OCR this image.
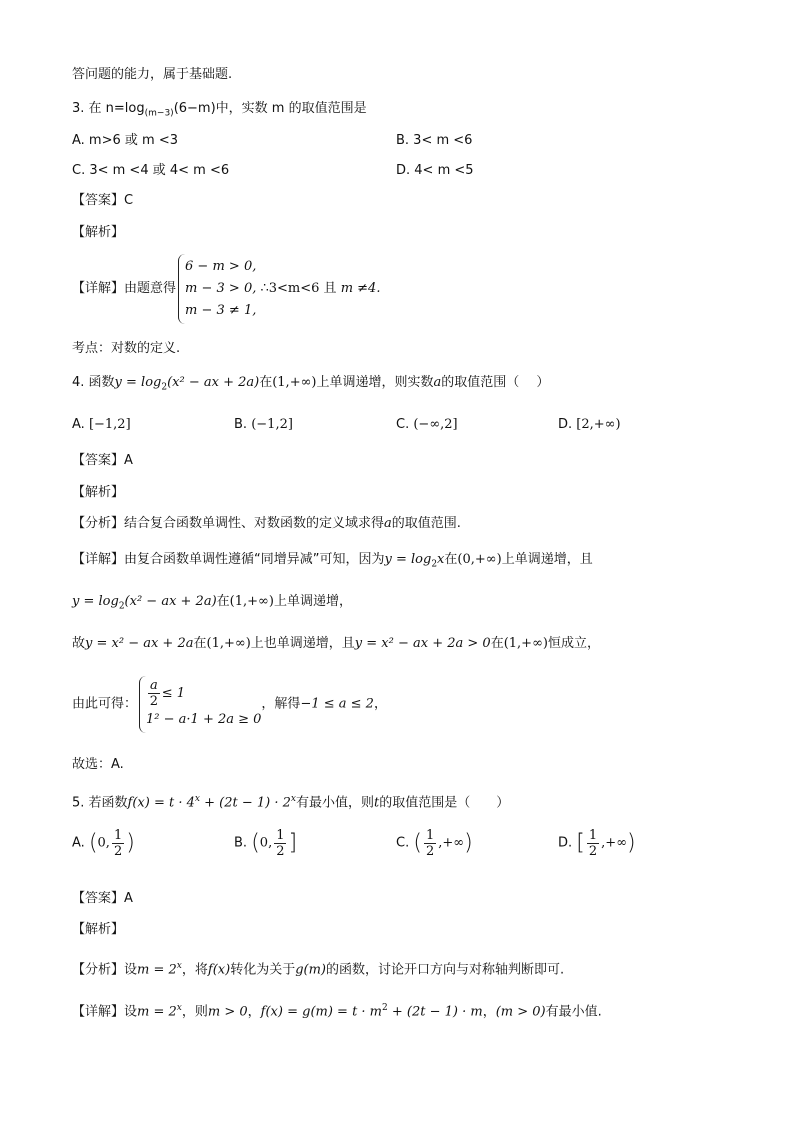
答问题的能力，属于基础题.
3. 在 $n=\log_{(m-3)}(6-m)$中，实数 m 的取值范围是
A. m>6 或 m <3	B. 3< m <6
C. 3< m <4 或 4< m <6	D. 4< m <5
【答案】C
【解析】
【详解】由题意得
6 − m > 0,
m − 3 > 0, ∴3<m<6 且 m ≠4.
m − 3 ≠ 1,
考点：对数的定义.
4. 函数$y = \log_2(x^2$ − ax + 2a)在(1,+∞)上单调递增，则实数a的取值范围（　 ）
A. [−1,2]	B. (−1,2]	C. (−∞,2]	D. [2,+∞)
【答案】A
【解析】
【分析】结合复合函数单调性、对数函数的定义域求得a的取值范围.
【详解】由复合函数单调性遵循“同增异减”可知，因为$y = \log_2x$在(0,+∞)上单调递增，且
$y = \log_2(x^2$ − ax + 2a)在(1,+∞)上单调递增，
故y = x² − ax + 2a在(1,+∞)上也单调递增，且y = x² − ax + 2a > 0在(1,+∞)恒成立，
由此可得： $\frac{a}{2} \le 1$
1² − a·1 + 2a ≥ 0
，解得−1 ≤ a ≤ 2，
故选：A.
5. 若函数$f(x) = t \cdot 4^x + (2t - 1) \cdot 2^x$有最小值，则t的取值范围是（　　）
A. (0, $\frac{1}{2}$ )	B. (0, $\frac{1}{2}$ ]	C. ( $\frac{1}{2}$ ,+∞)	D. [ $\frac{1}{2}$ ,+∞)
【答案】A
【解析】
【分析】设$m = 2^x$，将f(x)转化为关于g(m)的函数，讨论开口方向与对称轴判断即可.
【详解】设$m = 2^x$，则m > 0，$f(x) = g(m) = t \cdot m^2 + (2t - 1) \cdot m$，(m > 0)有最小值.
